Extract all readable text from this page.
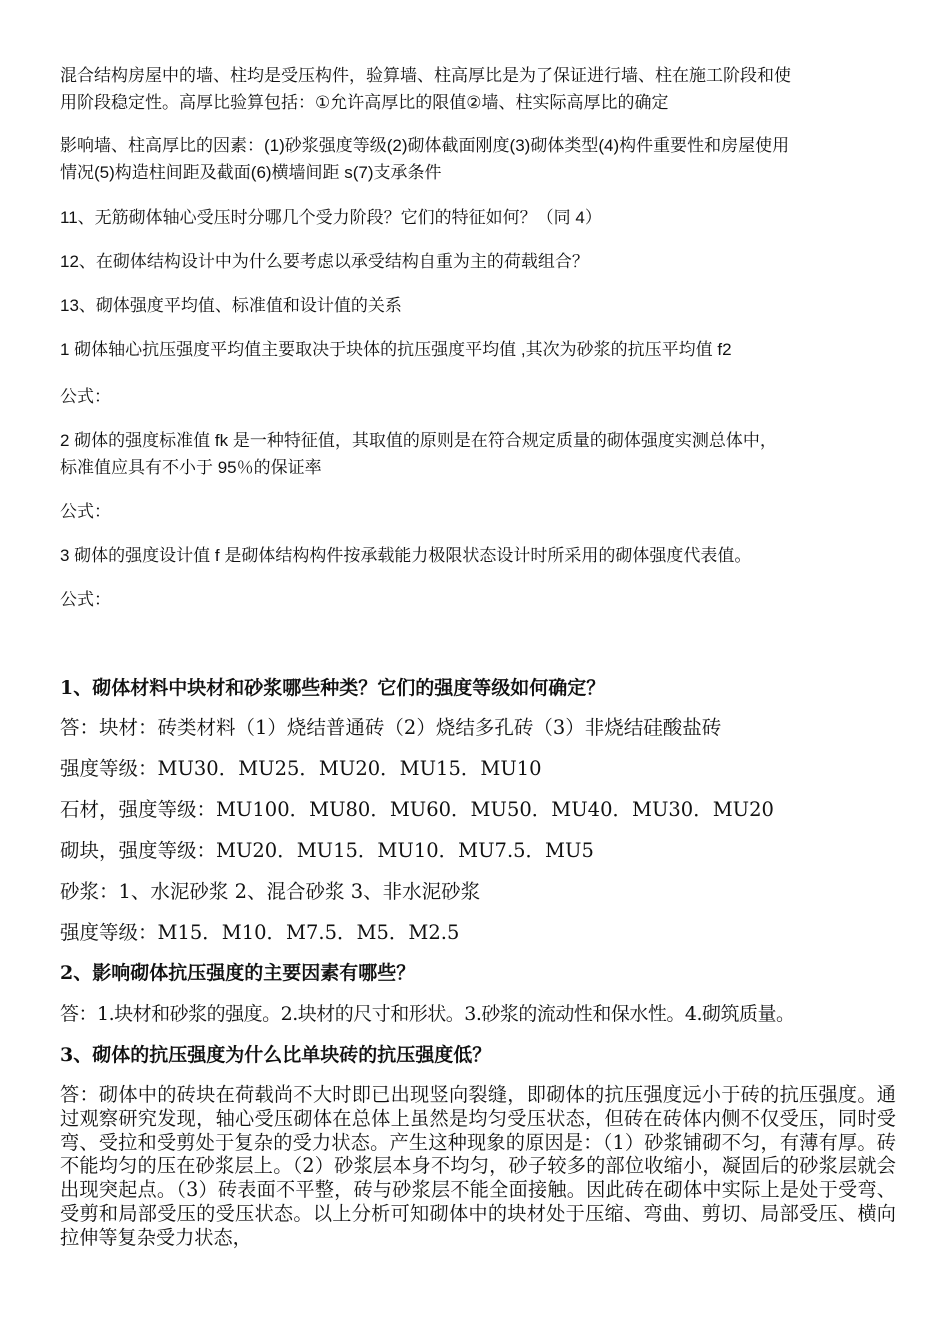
混合结构房屋中的墙、柱均是受压构件，验算墙、柱高厚比是为了保证进行墙、柱在施工阶段和使

用阶段稳定性。高厚比验算包括：①允许高厚比的限值②墙、柱实际高厚比的确定

影响墙、柱高厚比的因素：(1)砂浆强度等级(2)砌体截面刚度(3)砌体类型(4)构件重要性和房屋使用

情况(5)构造柱间距及截面(6)横墙间距 s(7)支承条件

11、无筋砌体轴心受压时分哪几个受力阶段？它们的特征如何？（同 4）

12、在砌体结构设计中为什么要考虑以承受结构自重为主的荷载组合？

13、砌体强度平均值、标准值和设计值的关系

1 砌体轴心抗压强度平均值主要取决于块体的抗压强度平均值 ,其次为砂浆的抗压平均值 f2

公式：

2 砌体的强度标准值 fk 是一种特征值，其取值的原则是在符合规定质量的砌体强度实测总体中，

标准值应具有不小于 95％的保证率

公式：

3 砌体的强度设计值 f 是砌体结构构件按承载能力极限状态设计时所采用的砌体强度代表值。

公式：

1、砌体材料中块材和砂浆哪些种类？它们的强度等级如何确定？

答：块材：砖类材料（1）烧结普通砖（2）烧结多孔砖（3）非烧结硅酸盐砖

强度等级：MU30．MU25．MU20．MU15．MU10

石材，强度等级：MU100．MU80．MU60．MU50．MU40．MU30．MU20

砌块，强度等级：MU20．MU15．MU10．MU7.5．MU5

砂浆：1、水泥砂浆 2、混合砂浆 3、非水泥砂浆

强度等级：M15．M10．M7.5．M5．M2.5

2、影响砌体抗压强度的主要因素有哪些？

答：1.块材和砂浆的强度。2.块材的尺寸和形状。3.砂浆的流动性和保水性。4.砌筑质量。

3、砌体的抗压强度为什么比单块砖的抗压强度低？

答：砌体中的砖块在荷载尚不大时即已出现竖向裂缝，即砌体的抗压强度远小于砖的抗压强度。通过观察研究发现，轴心受压砌体在总体上虽然是均匀受压状态，但砖在砖体内侧不仅受压，同时受弯、受拉和受剪处于复杂的受力状态。产生这种现象的原因是：（1）砂浆铺砌不匀，有薄有厚。砖不能均匀的压在砂浆层上。（2）砂浆层本身不均匀，砂子较多的部位收缩小，凝固后的砂浆层就会出现突起点。（3）砖表面不平整，砖与砂浆层不能全面接触。因此砖在砌体中实际上是处于受弯、受剪和局部受压的受压状态。以上分析可知砌体中的块材处于压缩、弯曲、剪切、局部受压、横向拉伸等复杂受力状态，
